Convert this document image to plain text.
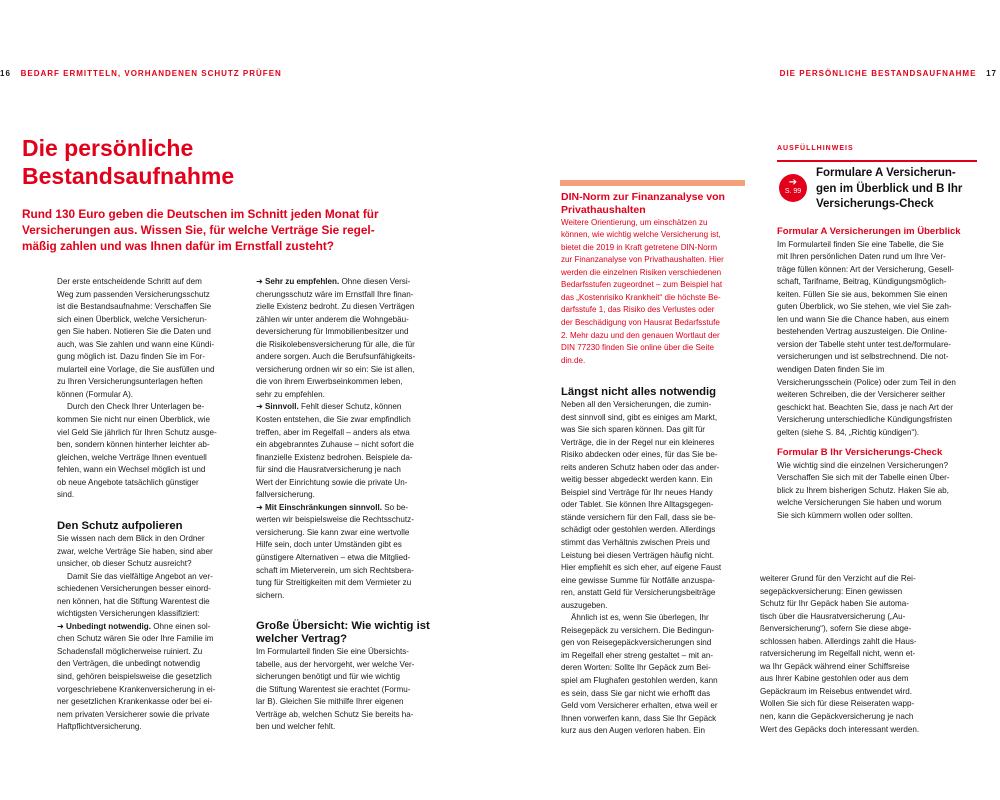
16 BEDARF ERMITTELN, VORHANDENEN SCHUTZ PRÜFEN	DIE PERSÖNLICHE BESTANDSAUFNAHME 17
Die persönliche
Bestandsaufnahme
Rund 130 Euro geben die Deutschen im Schnitt jeden Monat für
Versicherungen aus. Wissen Sie, für welche Verträge Sie regel-
mäßig zahlen und was Ihnen dafür im Ernstfall zusteht?

Der erste entscheidende Schritt auf dem
Weg zum passenden Versicherungsschutz
ist die Bestandsaufnahme: Verschaffen Sie
sich einen Überblick, welche Versicherun-
gen Sie haben. Notieren Sie die Daten und
auch, was Sie zahlen und wann eine Kündi-
gung möglich ist. Dazu finden Sie im For-
mularteil eine Vorlage, die Sie ausfüllen und
zu Ihren Versicherungsunterlagen heften
können (Formular A).

Durch den Check Ihrer Unterlagen be-
kommen Sie nicht nur einen Überblick, wie
viel Geld Sie jährlich für Ihren Schutz ausge-
ben, sondern können hinterher leichter ab-
gleichen, welche Verträge Ihnen eventuell
fehlen, wann ein Wechsel möglich ist und
ob neue Angebote tatsächlich günstiger
sind.

Den Schutz aufpolieren

Sie wissen nach dem Blick in den Ordner
zwar, welche Verträge Sie haben, sind aber
unsicher, ob dieser Schutz ausreicht?

Damit Sie das vielfältige Angebot an ver-
schiedenen Versicherungen besser einord-
nen können, hat die Stiftung Warentest die
wichtigsten Versicherungen klassifiziert:

➜ Unbedingt notwendig. Ohne einen sol-
chen Schutz wären Sie oder Ihre Familie im
Schadensfall möglicherweise ruiniert. Zu
den Verträgen, die unbedingt notwendig
sind, gehören beispielsweise die gesetzlich
vorgeschriebene Krankenversicherung in ei-
ner gesetzlichen Krankenkasse oder bei ei-
nem privaten Versicherer sowie die private
Haftpflichtversicherung.

➜ Sehr zu empfehlen. Ohne diesen Versi-
cherungsschutz wäre im Ernstfall Ihre finan-
zielle Existenz bedroht. Zu diesen Verträgen
zählen wir unter anderem die Wohngebäu-
deversicherung für Immobilienbesitzer und
die Risikolebensversicherung für alle, die für
andere sorgen. Auch die Berufsunfähigkeits-
versicherung ordnen wir so ein: Sie ist allen,
die von ihrem Erwerbseinkommen leben,
sehr zu empfehlen.

➜ Sinnvoll. Fehlt dieser Schutz, können
Kosten entstehen, die Sie zwar empfindlich
treffen, aber im Regelfall – anders als etwa
ein abgebranntes Zuhause – nicht sofort die
finanzielle Existenz bedrohen. Beispiele da-
für sind die Hausratversicherung je nach
Wert der Einrichtung sowie die private Un-
fallversicherung.

➜ Mit Einschränkungen sinnvoll. So be-
werten wir beispielsweise die Rechtsschutz-
versicherung. Sie kann zwar eine wertvolle
Hilfe sein, doch unter Umständen gibt es
günstigere Alternativen – etwa die Mitglied-
schaft im Mieterverein, um sich Rechtsbera-
tung für Streitigkeiten mit dem Vermieter zu
sichern.

Große Übersicht: Wie wichtig ist
welcher Vertrag?

Im Formularteil finden Sie eine Übersichts-
tabelle, aus der hervorgeht, wer welche Ver-
sicherungen benötigt und für wie wichtig
die Stiftung Warentest sie erachtet (Formu-
lar B). Gleichen Sie mithilfe Ihrer eigenen
Verträge ab, welchen Schutz Sie bereits ha-
ben und welcher fehlt.

DIN-Norm zur Finanzanalyse von
Privathaushalten

Weitere Orientierung, um einschätzen zu
können, wie wichtig welche Versicherung ist,
bietet die 2019 in Kraft getretene DIN-Norm
zur Finanzanalyse von Privathaushalten. Hier
werden die einzelnen Risiken verschiedenen
Bedarfsstufen zugeordnet – zum Beispiel hat
das „Kostenrisiko Krankheit“ die höchste Be-
darfsstufe 1, das Risiko des Verlustes oder
der Beschädigung von Hausrat Bedarfsstufe
2. Mehr dazu und den genauen Wortlaut der
DIN 77230 finden Sie online über die Seite
din.de.

Längst nicht alles notwendig

Neben all den Versicherungen, die zumin-
dest sinnvoll sind, gibt es einiges am Markt,
was Sie sich sparen können. Das gilt für
Verträge, die in der Regel nur ein kleineres
Risiko abdecken oder eines, für das Sie be-
reits anderen Schutz haben oder das ander-
weitig besser abgedeckt werden kann. Ein
Beispiel sind Verträge für Ihr neues Handy
oder Tablet. Sie können Ihre Alltagsgegen-
stände versichern für den Fall, dass sie be-
schädigt oder gestohlen werden. Allerdings
stimmt das Verhältnis zwischen Preis und
Leistung bei diesen Verträgen häufig nicht.
Hier empfiehlt es sich eher, auf eigene Faust
eine gewisse Summe für Notfälle anzuspa-
ren, anstatt Geld für Versicherungsbeiträge
auszugeben.

Ähnlich ist es, wenn Sie überlegen, Ihr
Reisegepäck zu versichern. Die Bedingun-
gen von Reisegepäckversicherungen sind
im Regelfall eher streng gestaltet – mit an-
deren Worten: Sollte Ihr Gepäck zum Bei-
spiel am Flughafen gestohlen werden, kann
es sein, dass Sie gar nicht wie erhofft das
Geld vom Versicherer erhalten, etwa weil er
Ihnen vorwerfen kann, dass Sie Ihr Gepäck
kurz aus den Augen verloren haben. Ein

AUSFÜLLHINWEIS
➔
S. 99
Formulare A Versicherun-
gen im Überblick und B Ihr
Versicherungs-Check

Formular A Versicherungen im Überblick

Im Formularteil finden Sie eine Tabelle, die Sie
mit Ihren persönlichen Daten rund um Ihre Ver-
träge füllen können: Art der Versicherung, Gesell-
schaft, Tarifname, Beitrag, Kündigungsmöglich-
keiten. Füllen Sie sie aus, bekommen Sie einen
guten Überblick, wo Sie stehen, wie viel Sie zah-
len und wann Sie die Chance haben, aus einem
bestehenden Vertrag auszusteigen. Die Online-
version der Tabelle steht unter test.de/formulare-
versicherungen und ist selbstrechnend. Die not-
wendigen Daten finden Sie im
Versicherungsschein (Police) oder zum Teil in den
weiteren Schreiben, die der Versicherer seither
geschickt hat. Beachten Sie, dass je nach Art der
Versicherung unterschiedliche Kündigungsfristen
gelten (siehe S. 84, „Richtig kündigen“).

Formular B Ihr Versicherungs-Check

Wie wichtig sind die einzelnen Versicherungen?
Verschaffen Sie sich mit der Tabelle einen Über-
blick zu Ihrem bisherigen Schutz. Haken Sie ab,
welche Versicherungen Sie haben und worum
Sie sich kümmern wollen oder sollten.

weiterer Grund für den Verzicht auf die Rei-
segepäckversicherung: Einen gewissen
Schutz für Ihr Gepäck haben Sie automa-
tisch über die Hausratversicherung („Au-
ßenversicherung“), sofern Sie diese abge-
schlossen haben. Allerdings zahlt die Haus-
ratversicherung im Regelfall nicht, wenn et-
wa Ihr Gepäck während einer Schiffsreise
aus Ihrer Kabine gestohlen oder aus dem
Gepäckraum im Reisebus entwendet wird.
Wollen Sie sich für diese Reiseraten wapp-
nen, kann die Gepäckversicherung je nach
Wert des Gepäcks doch interessant werden.
